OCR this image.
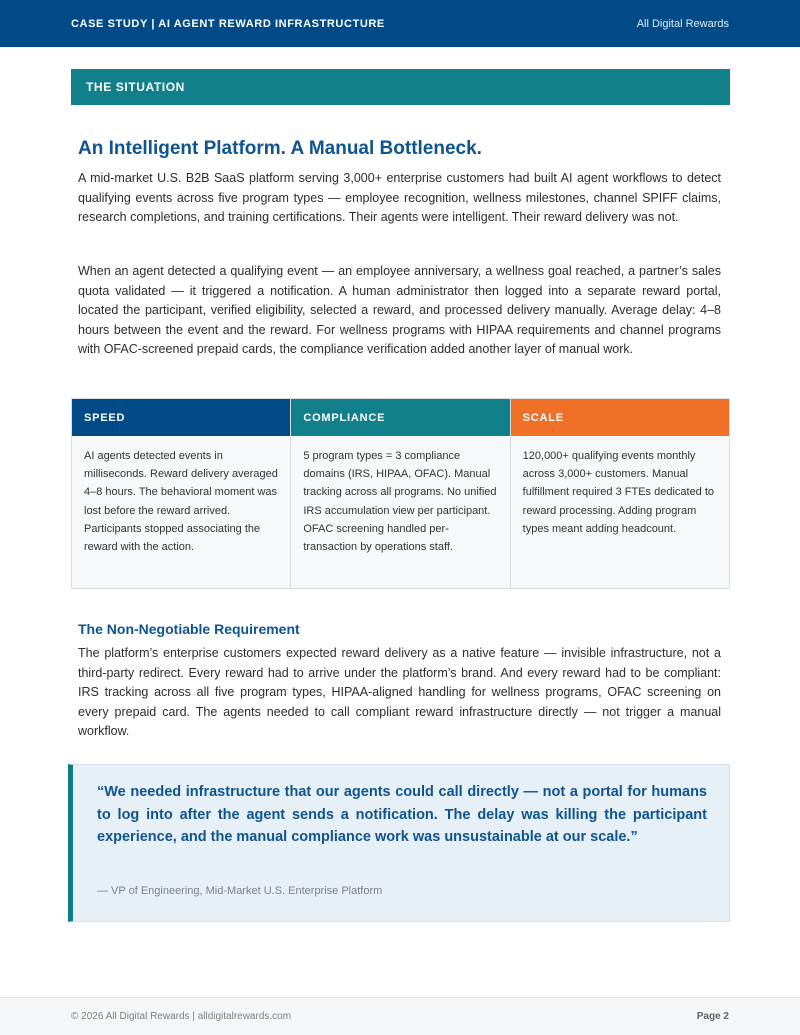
CASE STUDY | AI AGENT REWARD INFRASTRUCTURE	All Digital Rewards
THE SITUATION
An Intelligent Platform. A Manual Bottleneck.

A mid-market U.S. B2B SaaS platform serving 3,000+ enterprise customers had built AI agent workflows to detect qualifying events across five program types — employee recognition, wellness milestones, channel SPIFF claims, research completions, and training certifications. Their agents were intelligent. Their reward delivery was not.

When an agent detected a qualifying event — an employee anniversary, a wellness goal reached, a partner’s sales quota validated — it triggered a notification. A human administrator then logged into a separate reward portal, located the participant, verified eligibility, selected a reward, and processed delivery manually. Average delay: 4–8 hours between the event and the reward. For wellness programs with HIPAA requirements and channel programs with OFAC-screened prepaid cards, the compliance verification added another layer of manual work.

SPEED
AI agents detected events in milliseconds. Reward delivery averaged 4–8 hours. The behavioral moment was lost before the reward arrived. Participants stopped associating the reward with the action.
COMPLIANCE
5 program types = 3 compliance domains (IRS, HIPAA, OFAC). Manual tracking across all programs. No unified IRS accumulation view per participant. OFAC screening handled per-transaction by operations staff.
SCALE
120,000+ qualifying events monthly across 3,000+ customers. Manual fulfillment required 3 FTEs dedicated to reward processing. Adding program types meant adding headcount.
The Non-Negotiable Requirement

The platform’s enterprise customers expected reward delivery as a native feature — invisible infrastructure, not a third-party redirect. Every reward had to arrive under the platform’s brand. And every reward had to be compliant: IRS tracking across all five program types, HIPAA-aligned handling for wellness programs, OFAC screening on every prepaid card. The agents needed to call compliant reward infrastructure directly — not trigger a manual workflow.

“We needed infrastructure that our agents could call directly — not a portal for humans to log into after the agent sends a notification. The delay was killing the participant experience, and the manual compliance work was unsustainable at our scale.”

— VP of Engineering, Mid-Market U.S. Enterprise Platform

© 2026 All Digital Rewards | alldigitalrewards.com	Page 2
